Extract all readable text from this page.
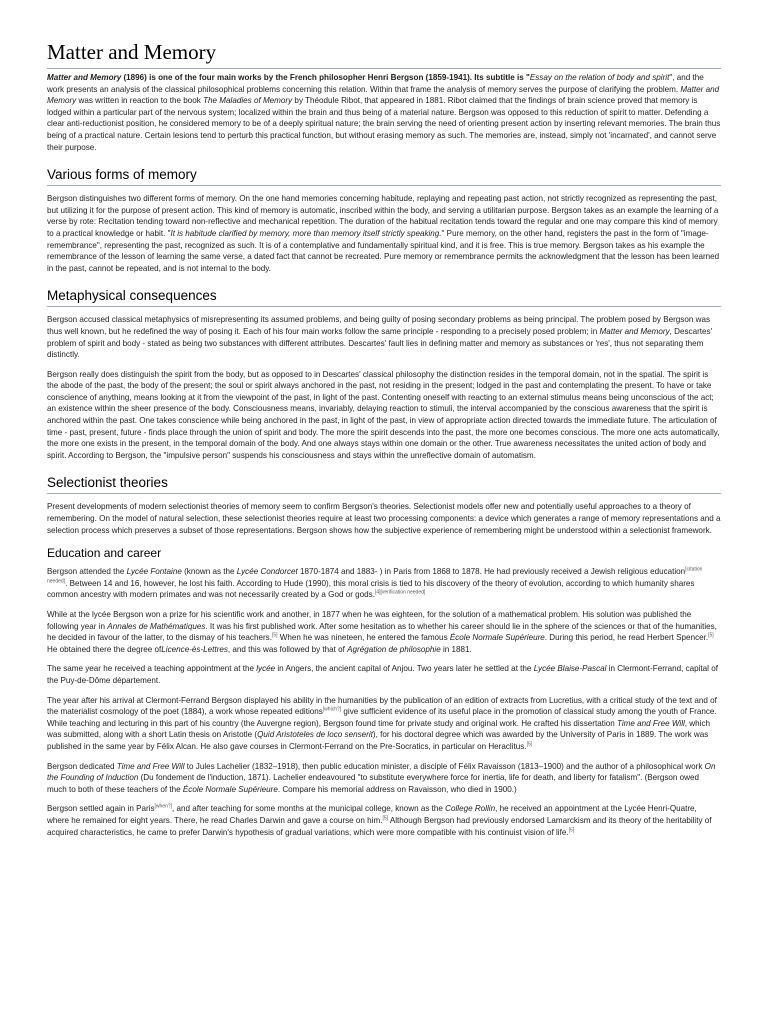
Matter and Memory

Matter and Memory (1896) is one of the four main works by the French philosopher Henri Bergson (1859-1941). Its subtitle is "Essay on the relation of body and spirit", and the work presents an analysis of the classical philosophical problems concerning this relation. Within that frame the analysis of memory serves the purpose of clarifying the problem. Matter and Memory was written in reaction to the book The Maladies of Memory by Théodule Ribot, that appeared in 1881. Ribot claimed that the findings of brain science proved that memory is lodged within a particular part of the nervous system; localized within the brain and thus being of a material nature. Bergson was opposed to this reduction of spirit to matter. Defending a clear anti-reductionist position, he considered memory to be of a deeply spiritual nature; the brain serving the need of orienting present action by inserting relevant memories. The brain thus being of a practical nature. Certain lesions tend to perturb this practical function, but without erasing memory as such. The memories are, instead, simply not 'incarnated', and cannot serve their purpose.

Various forms of memory

Bergson distinguishes two different forms of memory. On the one hand memories concerning habitude, replaying and repeating past action, not strictly recognized as representing the past, but utilizing it for the purpose of present action. This kind of memory is automatic, inscribed within the body, and serving a utilitarian purpose. Bergson takes as an example the learning of a verse by rote: Recitation tending toward non-reflective and mechanical repetition. The duration of the habitual recitation tends toward the regular and one may compare this kind of memory to a practical knowledge or habit. "It is habitude clarified by memory, more than memory itself strictly speaking." Pure memory, on the other hand, registers the past in the form of "image-remembrance", representing the past, recognized as such. It is of a contemplative and fundamentally spiritual kind, and it is free. This is true memory. Bergson takes as his example the remembrance of the lesson of learning the same verse, a dated fact that cannot be recreated. Pure memory or remembrance permits the acknowledgment that the lesson has been learned in the past, cannot be repeated, and is not internal to the body.

Metaphysical consequences

Bergson accused classical metaphysics of misrepresenting its assumed problems, and being guilty of posing secondary problems as being principal. The problem posed by Bergson was thus well known, but he redefined the way of posing it. Each of his four main works follow the same principle - responding to a precisely posed problem; in Matter and Memory, Descartes' problem of spirit and body - stated as being two substances with different attributes. Descartes' fault lies in defining matter and memory as substances or 'res', thus not separating them distinctly.

Bergson really does distinguish the spirit from the body, but as opposed to in Descartes' classical philosophy the distinction resides in the temporal domain, not in the spatial. The spirit is the abode of the past, the body of the present; the soul or spirit always anchored in the past, not residing in the present; lodged in the past and contemplating the present. To have or take conscience of anything, means looking at it from the viewpoint of the past, in light of the past. Contenting oneself with reacting to an external stimulus means being unconscious of the act; an existence within the sheer presence of the body. Consciousness means, invariably, delaying reaction to stimuli, the interval accompanied by the conscious awareness that the spirit is anchored within the past. One takes conscience while being anchored in the past, in light of the past, in view of appropriate action directed towards the immediate future. The articulation of time - past, present, future - finds place through the union of spirit and body. The more the spirit descends into the past, the more one becomes conscious. The more one acts automatically, the more one exists in the present, in the temporal domain of the body. And one always stays within one domain or the other. True awareness necessitates the united action of body and spirit. According to Bergson, the "impulsive person" suspends his consciousness and stays within the unreflective domain of automatism.

Selectionist theories

Present developments of modern selectionist theories of memory seem to confirm Bergson's theories. Selectionist models offer new and potentially useful approaches to a theory of remembering. On the model of natural selection, these selectionist theories require at least two processing components: a device which generates a range of memory representations and a selection process which preserves a subset of those representations. Bergson shows how the subjective experience of remembering might be understood within a selectionist framework.

Education and career

Bergson attended the Lycée Fontaine (known as the Lycée Condorcet 1870-1874 and 1883- ) in Paris from 1868 to 1878. He had previously received a Jewish religious education[citation needed]. Between 14 and 16, however, he lost his faith. According to Hude (1990), this moral crisis is tied to his discovery of the theory of evolution, according to which humanity shares common ancestry with modern primates and was not necessarily created by a God or gods.[4][verification needed]

While at the lycée Bergson won a prize for his scientific work and another, in 1877 when he was eighteen, for the solution of a mathematical problem. His solution was published the following year in Annales de Mathématiques. It was his first published work. After some hesitation as to whether his career should lie in the sphere of the sciences or that of the humanities, he decided in favour of the latter, to the dismay of his teachers.[5] When he was nineteen, he entered the famous École Normale Supérieure. During this period, he read Herbert Spencer.[5] He obtained there the degree ofLicence-ès-Lettres, and this was followed by that of Agrégation de philosophie in 1881.

The same year he received a teaching appointment at the lycée in Angers, the ancient capital of Anjou. Two years later he settled at the Lycée Blaise-Pascal in Clermont-Ferrand, capital of the Puy-de-Dôme département.

The year after his arrival at Clermont-Ferrand Bergson displayed his ability in the humanities by the publication of an edition of extracts from Lucretius, with a critical study of the text and of the materialist cosmology of the poet (1884), a work whose repeated editions[which?] give sufficient evidence of its useful place in the promotion of classical study among the youth of France. While teaching and lecturing in this part of his country (the Auvergne region), Bergson found time for private study and original work. He crafted his dissertation Time and Free Will, which was submitted, along with a short Latin thesis on Aristotle (Quid Aristoteles de loco senserit), for his doctoral degree which was awarded by the University of Paris in 1889. The work was published in the same year by Félix Alcan. He also gave courses in Clermont-Ferrand on the Pre-Socratics, in particular on Heraclitus.[5]

Bergson dedicated Time and Free Will to Jules Lachelier (1832–1918), then public education minister, a disciple of Félix Ravaisson (1813–1900) and the author of a philosophical work On the Founding of Induction (Du fondement de l'induction, 1871). Lachelier endeavoured "to substitute everywhere force for inertia, life for death, and liberty for fatalism". (Bergson owed much to both of these teachers of the École Normale Supérieure. Compare his memorial address on Ravaisson, who died in 1900.)

Bergson settled again in Paris[when?], and after teaching for some months at the municipal college, known as the College Rollin, he received an appointment at the Lycée Henri-Quatre, where he remained for eight years. There, he read Charles Darwin and gave a course on him.[5] Although Bergson had previously endorsed Lamarckism and its theory of the heritability of acquired characteristics, he came to prefer Darwin's hypothesis of gradual variations, which were more compatible with his continuist vision of life.[5]
